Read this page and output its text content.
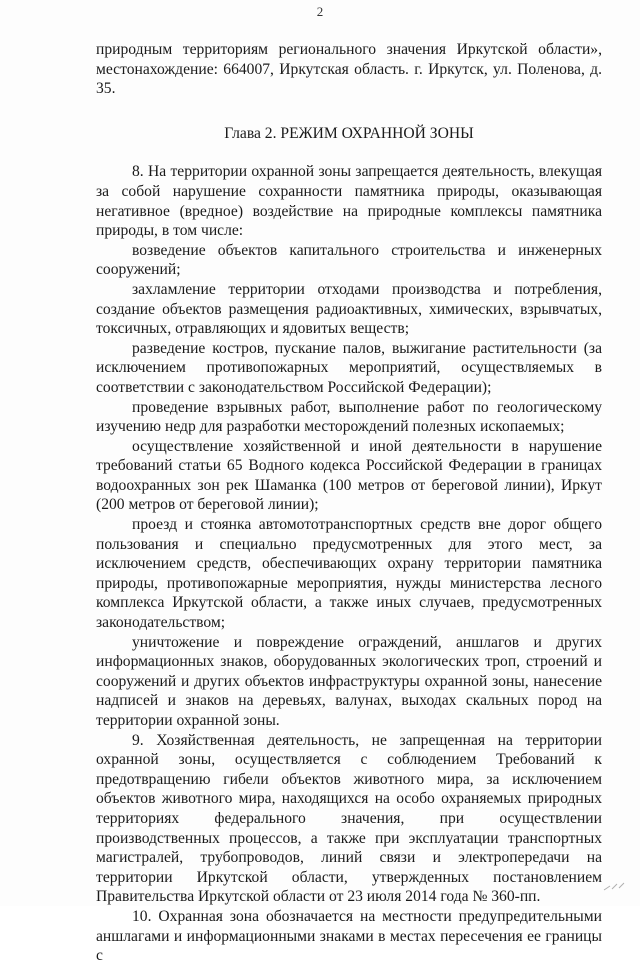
2

природным территориям регионального значения Иркутской области», местонахождение: 664007, Иркутская область. г. Иркутск, ул. Поленова, д. 35.

Глава 2. РЕЖИМ ОХРАННОЙ ЗОНЫ

8. На территории охранной зоны запрещается деятельность, влекущая за собой нарушение сохранности памятника природы, оказывающая негативное (вредное) воздействие на природные комплексы памятника природы, в том числе:

возведение объектов капитального строительства и инженерных сооружений;

захламление территории отходами производства и потребления, создание объектов размещения радиоактивных, химических, взрывчатых, токсичных, отравляющих и ядовитых веществ;

разведение костров, пускание палов, выжигание растительности (за исключением противопожарных мероприятий, осуществляемых в соответствии с законодательством Российской Федерации);

проведение взрывных работ, выполнение работ по геологическому изучению недр для разработки месторождений полезных ископаемых;

осуществление хозяйственной и иной деятельности в нарушение требований статьи 65 Водного кодекса Российской Федерации в границах водоохранных зон рек Шаманка (100 метров от береговой линии), Иркут (200 метров от береговой линии);

проезд и стоянка автомототранспортных средств вне дорог общего пользования и специально предусмотренных для этого мест, за исключением средств, обеспечивающих охрану территории памятника природы, противопожарные мероприятия, нужды министерства лесного комплекса Иркутской области, а также иных случаев, предусмотренных законодательством;

уничтожение и повреждение ограждений, аншлагов и других информационных знаков, оборудованных экологических троп, строений и сооружений и других объектов инфраструктуры охранной зоны, нанесение надписей и знаков на деревьях, валунах, выходах скальных пород на территории охранной зоны.

9. Хозяйственная деятельность, не запрещенная на территории охранной зоны, осуществляется с соблюдением Требований к предотвращению гибели объектов животного мира, за исключением объектов животного мира, находящихся на особо охраняемых природных территориях федерального значения, при осуществлении производственных процессов, а также при эксплуатации транспортных магистралей, трубопроводов, линий связи и электропередачи на территории Иркутской области, утвержденных постановлением Правительства Иркутской области от 23 июля 2014 года № 360-пп.

10. Охранная зона обозначается на местности предупредительными аншлагами и информационными знаками в местах пересечения ее границы с
